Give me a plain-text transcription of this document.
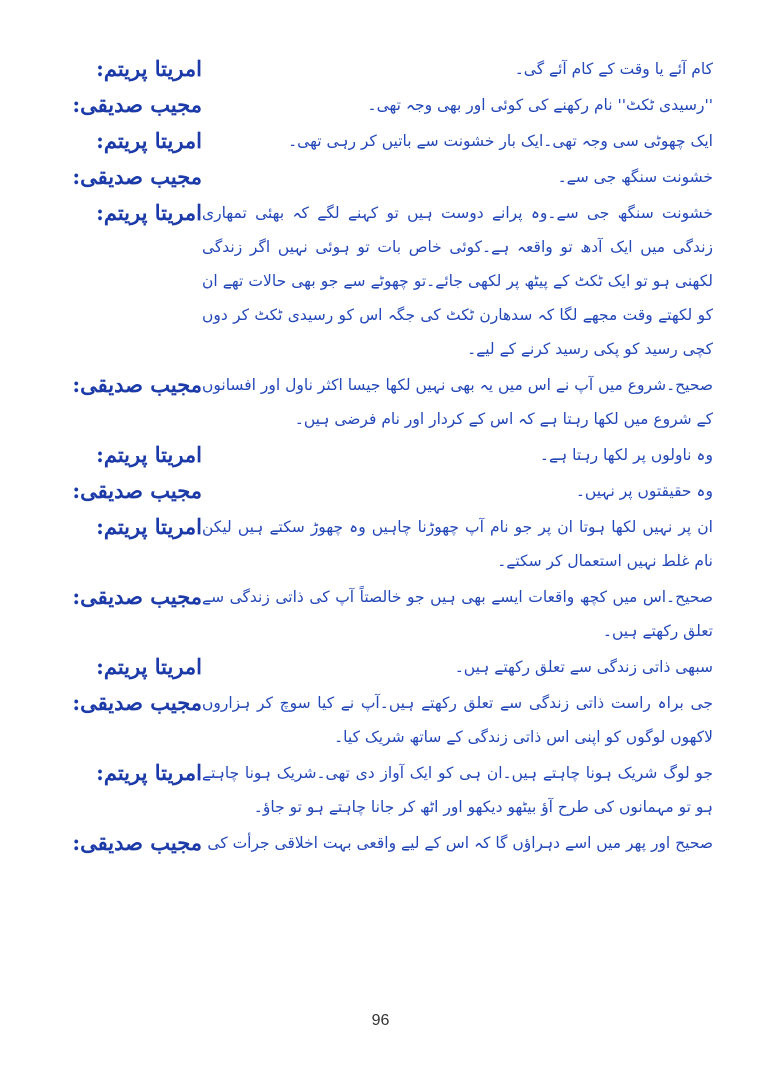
امریتا پریتم:	کام آئے یا وقت کے کام آئے گی۔
مجیب صدیقی:	''رسیدی ٹکٹ'' نام رکھنے کی کوئی اور بھی وجہ تھی۔
امریتا پریتم:	ایک چھوٹی سی وجہ تھی۔ایک بار خشونت سے باتیں کر رہی تھی۔
مجیب صدیقی:	خشونت سنگھ جی سے۔
امریتا پریتم: خشونت سنگھ جی سے۔وہ پرانے دوست ہیں تو کہنے لگے کہ بھئی تمھاری زندگی میں ایک آدھ تو واقعہ ہے۔کوئی خاص بات تو ہوئی نہیں اگر زندگی لکھنی ہو تو ایک ٹکٹ کے پیٹھ پر لکھی جائے۔تو چھوٹے سے جو بھی حالات تھے ان کو لکھتے وقت مجھے لگا کہ سدھارن ٹکٹ کی جگہ اس کو رسیدی ٹکٹ کر دوں کچی رسید کو پکی رسید کرنے کے لیے۔
مجیب صدیقی: صحیح۔شروع میں آپ نے اس میں یہ بھی نہیں لکھا جیسا اکثر ناول اور افسانوں کے شروع میں لکھا رہتا ہے کہ اس کے کردار اور نام فرضی ہیں۔
امریتا پریتم:	وہ ناولوں پر لکھا رہتا ہے۔
مجیب صدیقی:	وہ حقیقتوں پر نہیں۔
امریتا پریتم: ان پر نہیں لکھا ہوتا ان پر جو نام آپ چھوڑنا چاہیں وہ چھوڑ سکتے ہیں لیکن نام غلط نہیں استعمال کر سکتے۔
مجیب صدیقی: صحیح۔اس میں کچھ واقعات ایسے بھی ہیں جو خالصتاً آپ کی ذاتی زندگی سے تعلق رکھتے ہیں۔
امریتا پریتم:	سبھی ذاتی زندگی سے تعلق رکھتے ہیں۔
مجیب صدیقی: جی براہ راست ذاتی زندگی سے تعلق رکھتے ہیں۔آپ نے کیا سوچ کر ہزاروں لاکھوں لوگوں کو اپنی اس ذاتی زندگی کے ساتھ شریک کیا۔
امریتا پریتم: جو لوگ شریک ہونا چاہتے ہیں۔ان ہی کو ایک آواز دی تھی۔شریک ہونا چاہتے ہو تو مہمانوں کی طرح آؤ بیٹھو دیکھو اور اٹھ کر جانا چاہتے ہو تو جاؤ۔
مجیب صدیقی: صحیح اور پھر میں اسے دہراؤں گا کہ اس کے لیے واقعی بہت اخلاقی جرأت کی
96
